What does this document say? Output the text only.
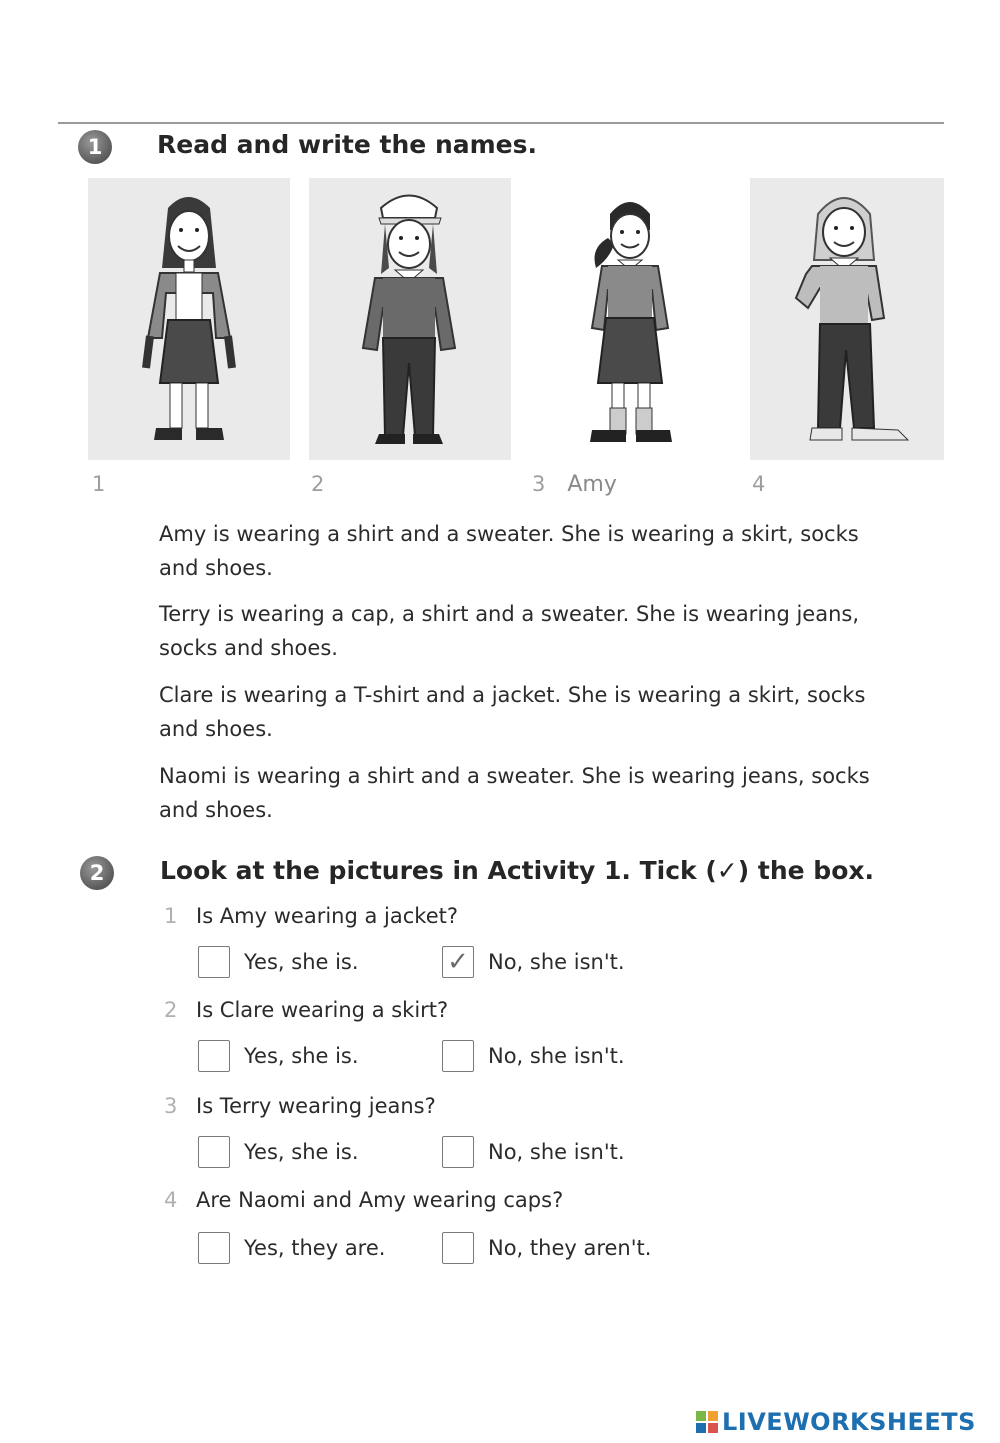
1 Read and write the names.
1	2	3 Amy	4
Amy is wearing a shirt and a sweater. She is wearing a skirt, socks and shoes.
Terry is wearing a cap, a shirt and a sweater. She is wearing jeans, socks and shoes.
Clare is wearing a T-shirt and a jacket. She is wearing a skirt, socks and shoes.
Naomi is wearing a shirt and a sweater. She is wearing jeans, socks and shoes.
2 Look at the pictures in Activity 1. Tick (✓) the box.
1 Is Amy wearing a jacket?
Yes, she is.	✓ No, she isn't.
2 Is Clare wearing a skirt?
Yes, she is.	No, she isn't.
3 Is Terry wearing jeans?
Yes, she is.	No, she isn't.
4 Are Naomi and Amy wearing caps?
Yes, they are.	No, they aren't.
LIVEWORKSHEETS
